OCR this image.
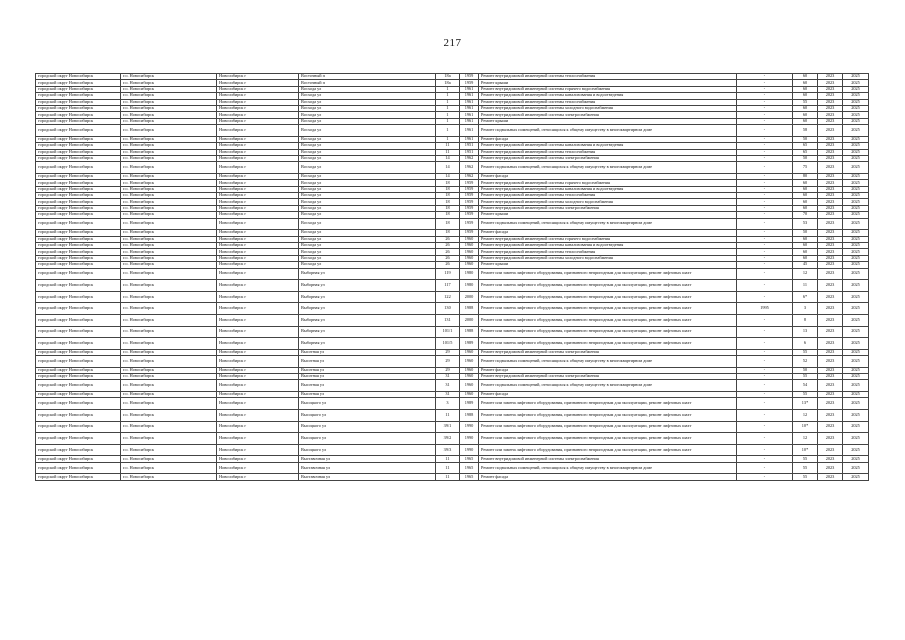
217
городской округ Новосибирск	г.о. Новосибирск	Новосибирск г	Восточный п	18а	1959	Ремонт внутридомовой инженерной системы теплоснабжения	-	60	2023	2025
городской округ Новосибирск	г.о. Новосибирск	Новосибирск г	Восточный п	18а	1959	Ремонт крыши	-	60	2023	2025
городской округ Новосибирск	г.о. Новосибирск	Новосибирск г	Восхода ул	1	1961	Ремонт внутридомовой инженерной системы горячего водоснабжения	-	60	2023	2025
городской округ Новосибирск	г.о. Новосибирск	Новосибирск г	Восхода ул	1	1961	Ремонт внутридомовой инженерной системы канализования и водоотведения	-	60	2023	2025
городской округ Новосибирск	г.о. Новосибирск	Новосибирск г	Восхода ул	1	1961	Ремонт внутридомовой инженерной системы теплоснабжения	-	55	2023	2025
городской округ Новосибирск	г.о. Новосибирск	Новосибирск г	Восхода ул	1	1961	Ремонт внутридомовой инженерной системы холодного водоснабжения	-	60	2023	2025
городской округ Новосибирск	г.о. Новосибирск	Новосибирск г	Восхода ул	1	1961	Ремонт внутридомовой инженерной системы электроснабжения	-	60	2023	2025
городской округ Новосибирск	г.о. Новосибирск	Новосибирск г	Восхода ул	1	1961	Ремонт крыши	-	60	2023	2025
городской округ Новосибирск	г.о. Новосибирск	Новосибирск г	Восхода ул	1	1961	Ремонт подвальных помещений, относящихся к общему имуществу в многоквартирном доме	-	58	2023	2025
городской округ Новосибирск	г.о. Новосибирск	Новосибирск г	Восхода ул	1	1961	Ремонт фасада	-	50	2023	2025
городской округ Новосибирск	г.о. Новосибирск	Новосибирск г	Восхода ул	11	1951	Ремонт внутридомовой инженерной системы канализования и водоотведения	-	65	2023	2025
городской округ Новосибирск	г.о. Новосибирск	Новосибирск г	Восхода ул	11	1951	Ремонт внутридомовой инженерной системы теплоснабжения	-	65	2023	2025
городской округ Новосибирск	г.о. Новосибирск	Новосибирск г	Восхода ул	14	1962	Ремонт внутридомовой инженерной системы электроснабжения	-	50	2023	2025
городской округ Новосибирск	г.о. Новосибирск	Новосибирск г	Восхода ул	14	1962	Ремонт подвальных помещений, относящихся к общему имуществу в многоквартирном доме	-	75	2023	2025
городской округ Новосибирск	г.о. Новосибирск	Новосибирск г	Восхода ул	14	1962	Ремонт фасада	-	80	2023	2025
городской округ Новосибирск	г.о. Новосибирск	Новосибирск г	Восхода ул	18	1959	Ремонт внутридомовой инженерной системы горячего водоснабжения	-	60	2023	2025
городской округ Новосибирск	г.о. Новосибирск	Новосибирск г	Восхода ул	18	1959	Ремонт внутридомовой инженерной системы канализования и водоотведения	-	60	2023	2025
городской округ Новосибирск	г.о. Новосибирск	Новосибирск г	Восхода ул	18	1959	Ремонт внутридомовой инженерной системы теплоснабжения	-	60	2023	2025
городской округ Новосибирск	г.о. Новосибирск	Новосибирск г	Восхода ул	18	1959	Ремонт внутридомовой инженерной системы холодного водоснабжения	-	60	2023	2025
городской округ Новосибирск	г.о. Новосибирск	Новосибирск г	Восхода ул	18	1959	Ремонт внутридомовой инженерной системы электроснабжения	-	60	2023	2025
городской округ Новосибирск	г.о. Новосибирск	Новосибирск г	Восхода ул	18	1959	Ремонт крыши	-	70	2023	2025
городской округ Новосибирск	г.о. Новосибирск	Новосибирск г	Восхода ул	18	1959	Ремонт подвальных помещений, относящихся к общему имуществу в многоквартирном доме	-	53	2023	2025
городской округ Новосибирск	г.о. Новосибирск	Новосибирск г	Восхода ул	18	1959	Ремонт фасада	-	50	2023	2025
городской округ Новосибирск	г.о. Новосибирск	Новосибирск г	Восхода ул	26	1960	Ремонт внутридомовой инженерной системы горячего водоснабжения	-	60	2023	2025
городской округ Новосибирск	г.о. Новосибирск	Новосибирск г	Восхода ул	26	1960	Ремонт внутридомовой инженерной системы канализования и водоотведения	-	60	2023	2025
городской округ Новосибирск	г.о. Новосибирск	Новосибирск г	Восхода ул	26	1960	Ремонт внутридомовой инженерной системы теплоснабжения	-	60	2023	2025
городской округ Новосибирск	г.о. Новосибирск	Новосибирск г	Восхода ул	26	1960	Ремонт внутридомовой инженерной системы холодного водоснабжения	-	60	2023	2025
городской округ Новосибирск	г.о. Новосибирск	Новосибирск г	Восхода ул	26	1960	Ремонт крыши	-	45	2023	2025
городской округ Новосибирск	г.о. Новосибирск	Новосибирск г	Выборная ул	119	1980	Ремонт или замена лифтового оборудования, признанного непригодным для эксплуатации, ремонт лифтовых шахт	-	12	2023	2025
городской округ Новосибирск	г.о. Новосибирск	Новосибирск г	Выборная ул	117	1980	Ремонт или замена лифтового оборудования, признанного непригодным для эксплуатации, ремонт лифтовых шахт	-	11	2023	2025
городской округ Новосибирск	г.о. Новосибирск	Новосибирск г	Выборная ул	122	2000	Ремонт или замена лифтового оборудования, признанного непригодным для эксплуатации, ремонт лифтовых шахт	-	6*	2023	2025
городской округ Новосибирск	г.о. Новосибирск	Новосибирск г	Выборная ул	130	1988	Ремонт или замена лифтового оборудования, признанного непригодным для эксплуатации, ремонт лифтовых шахт	1995	3	2023	2025
городской округ Новосибирск	г.о. Новосибирск	Новосибирск г	Выборная ул	131	2000	Ремонт или замена лифтового оборудования, признанного непригодным для эксплуатации, ремонт лифтовых шахт	-	8	2023	2025
городской округ Новосибирск	г.о. Новосибирск	Новосибирск г	Выборная ул	101/1	1988	Ремонт или замена лифтового оборудования, признанного непригодным для эксплуатации, ремонт лифтовых шахт	-	13	2023	2025
городской округ Новосибирск	г.о. Новосибирск	Новосибирск г	Выборная ул	101/5	1989	Ремонт или замена лифтового оборудования, признанного непригодным для эксплуатации, ремонт лифтовых шахт	-	6	2023	2025
городской округ Новосибирск	г.о. Новосибирск	Новосибирск г	Высотная ул	29	1960	Ремонт внутридомовой инженерной системы электроснабжения	-	55	2023	2025
городской округ Новосибирск	г.о. Новосибирск	Новосибирск г	Высотная ул	29	1960	Ремонт подвальных помещений, относящихся к общему имуществу в многоквартирном доме	-	52	2023	2025
городской округ Новосибирск	г.о. Новосибирск	Новосибирск г	Высотная ул	29	1960	Ремонт фасада	-	50	2023	2025
городской округ Новосибирск	г.о. Новосибирск	Новосибирск г	Высотная ул	31	1960	Ремонт внутридомовой инженерной системы электроснабжения	-	55	2023	2025
городской округ Новосибирск	г.о. Новосибирск	Новосибирск г	Высотная ул	31	1960	Ремонт подвальных помещений, относящихся к общему имуществу в многоквартирном доме	-	54	2023	2025
городской округ Новосибирск	г.о. Новосибирск	Новосибирск г	Высотная ул	31	1960	Ремонт фасада	-	55	2023	2025
городской округ Новосибирск	г.о. Новосибирск	Новосибирск г	Высоцкого ул	3	1989	Ремонт или замена лифтового оборудования, признанного непригодным для эксплуатации, ремонт лифтовых шахт	-	13*	2023	2025
городской округ Новосибирск	г.о. Новосибирск	Новосибирск г	Высоцкого ул	11	1988	Ремонт или замена лифтового оборудования, признанного непригодным для эксплуатации, ремонт лифтовых шахт	-	12	2023	2025
городской округ Новосибирск	г.о. Новосибирск	Новосибирск г	Высоцкого ул	39/1	1990	Ремонт или замена лифтового оборудования, признанного непригодным для эксплуатации, ремонт лифтовых шахт	-	10*	2023	2025
городской округ Новосибирск	г.о. Новосибирск	Новосибирск г	Высоцкого ул	39/2	1990	Ремонт или замена лифтового оборудования, признанного непригодным для эксплуатации, ремонт лифтовых шахт	-	12	2023	2025
городской округ Новосибирск	г.о. Новосибирск	Новосибирск г	Высоцкого ул	39/3	1990	Ремонт или замена лифтового оборудования, признанного непригодным для эксплуатации, ремонт лифтовых шахт	-	10*	2023	2025
городской округ Новосибирск	г.о. Новосибирск	Новосибирск г	Выставочная ул	11	1965	Ремонт внутридомовой инженерной системы электроснабжения	-	55	2023	2025
городской округ Новосибирск	г.о. Новосибирск	Новосибирск г	Выставочная ул	11	1965	Ремонт подвальных помещений, относящихся к общему имуществу в многоквартирном доме	-	55	2023	2025
городской округ Новосибирск	г.о. Новосибирск	Новосибирск г	Выставочная ул	11	1965	Ремонт фасада	-	55	2023	2025
